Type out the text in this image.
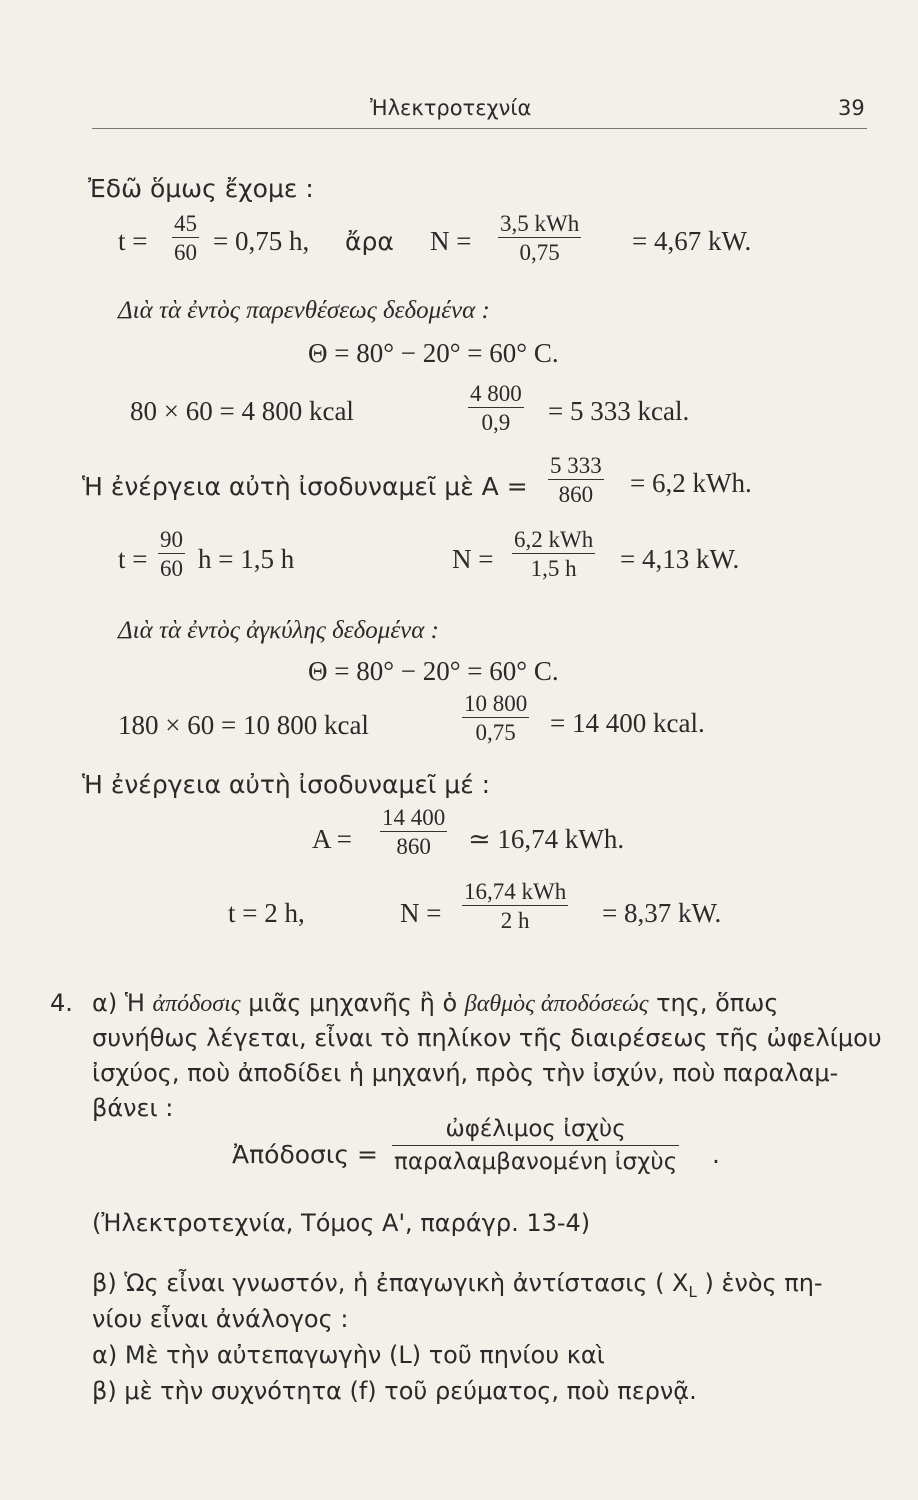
Ἠλεκτροτεχνία	39
Ἐδῶ ὅμως ἔχομε :
t =
45
60 = 0,75 h, ἄρα N =
3,5 kWh
0,75	= 4,67 kW.
Διὰ τὰ ἐντὸς παρενθέσεως δεδομένα :
Θ = 80° − 20° = 60° C.
80 × 60 = 4 800 kcal
4 800
0,9	= 5 333 kcal.
Ἡ ἐνέργεια αὐτὴ ἰσοδυναμεῖ μὲ A =
5 333
860	= 6,2 kWh.
t =
90
60 h = 1,5 h	N =
6,2 kWh
1,5 h	= 4,13 kW.
Διὰ τὰ ἐντὸς ἀγκύλης δεδομένα :
Θ = 80° − 20° = 60° C.
180 × 60 = 10 800 kcal
10 800
0,75	= 14 400 kcal.
Ἡ ἐνέργεια αὐτὴ ἰσοδυναμεῖ μέ :
A =
14 400
860	≃ 16,74 kWh.
t = 2 h,	N =
16,74 kWh
2 h	= 8,37 kW.
4. α) Ἡ ἀπόδοσις μιᾶς μηχανῆς ἢ ὁ βαθμὸς ἀποδόσεώς της, ὅπως
συνήθως λέγεται, εἶναι τὸ πηλίκον τῆς διαιρέσεως τῆς ὠφελίμου
ἰσχύος, ποὺ ἀποδίδει ἡ μηχανή, πρὸς τὴν ἰσχύν, ποὺ παραλαμ-
βάνει :
Ἀπόδοσις =
ὠφέλιμος ἰσχὺς
παραλαμβανομένη ἰσχὺς .
(Ἠλεκτροτεχνία, Τόμος Α', παράγρ. 13-4)
β) Ὡς εἶναι γνωστόν, ἡ ἐπαγωγικὴ ἀντίστασις ( $X_L$ ) ἑνὸς πη-
νίου εἶναι ἀνάλογος :
α) Μὲ τὴν αὐτεπαγωγὴν (L) τοῦ πηνίου καὶ
β) μὲ τὴν συχνότητα (f) τοῦ ρεύματος, ποὺ περνᾷ.
